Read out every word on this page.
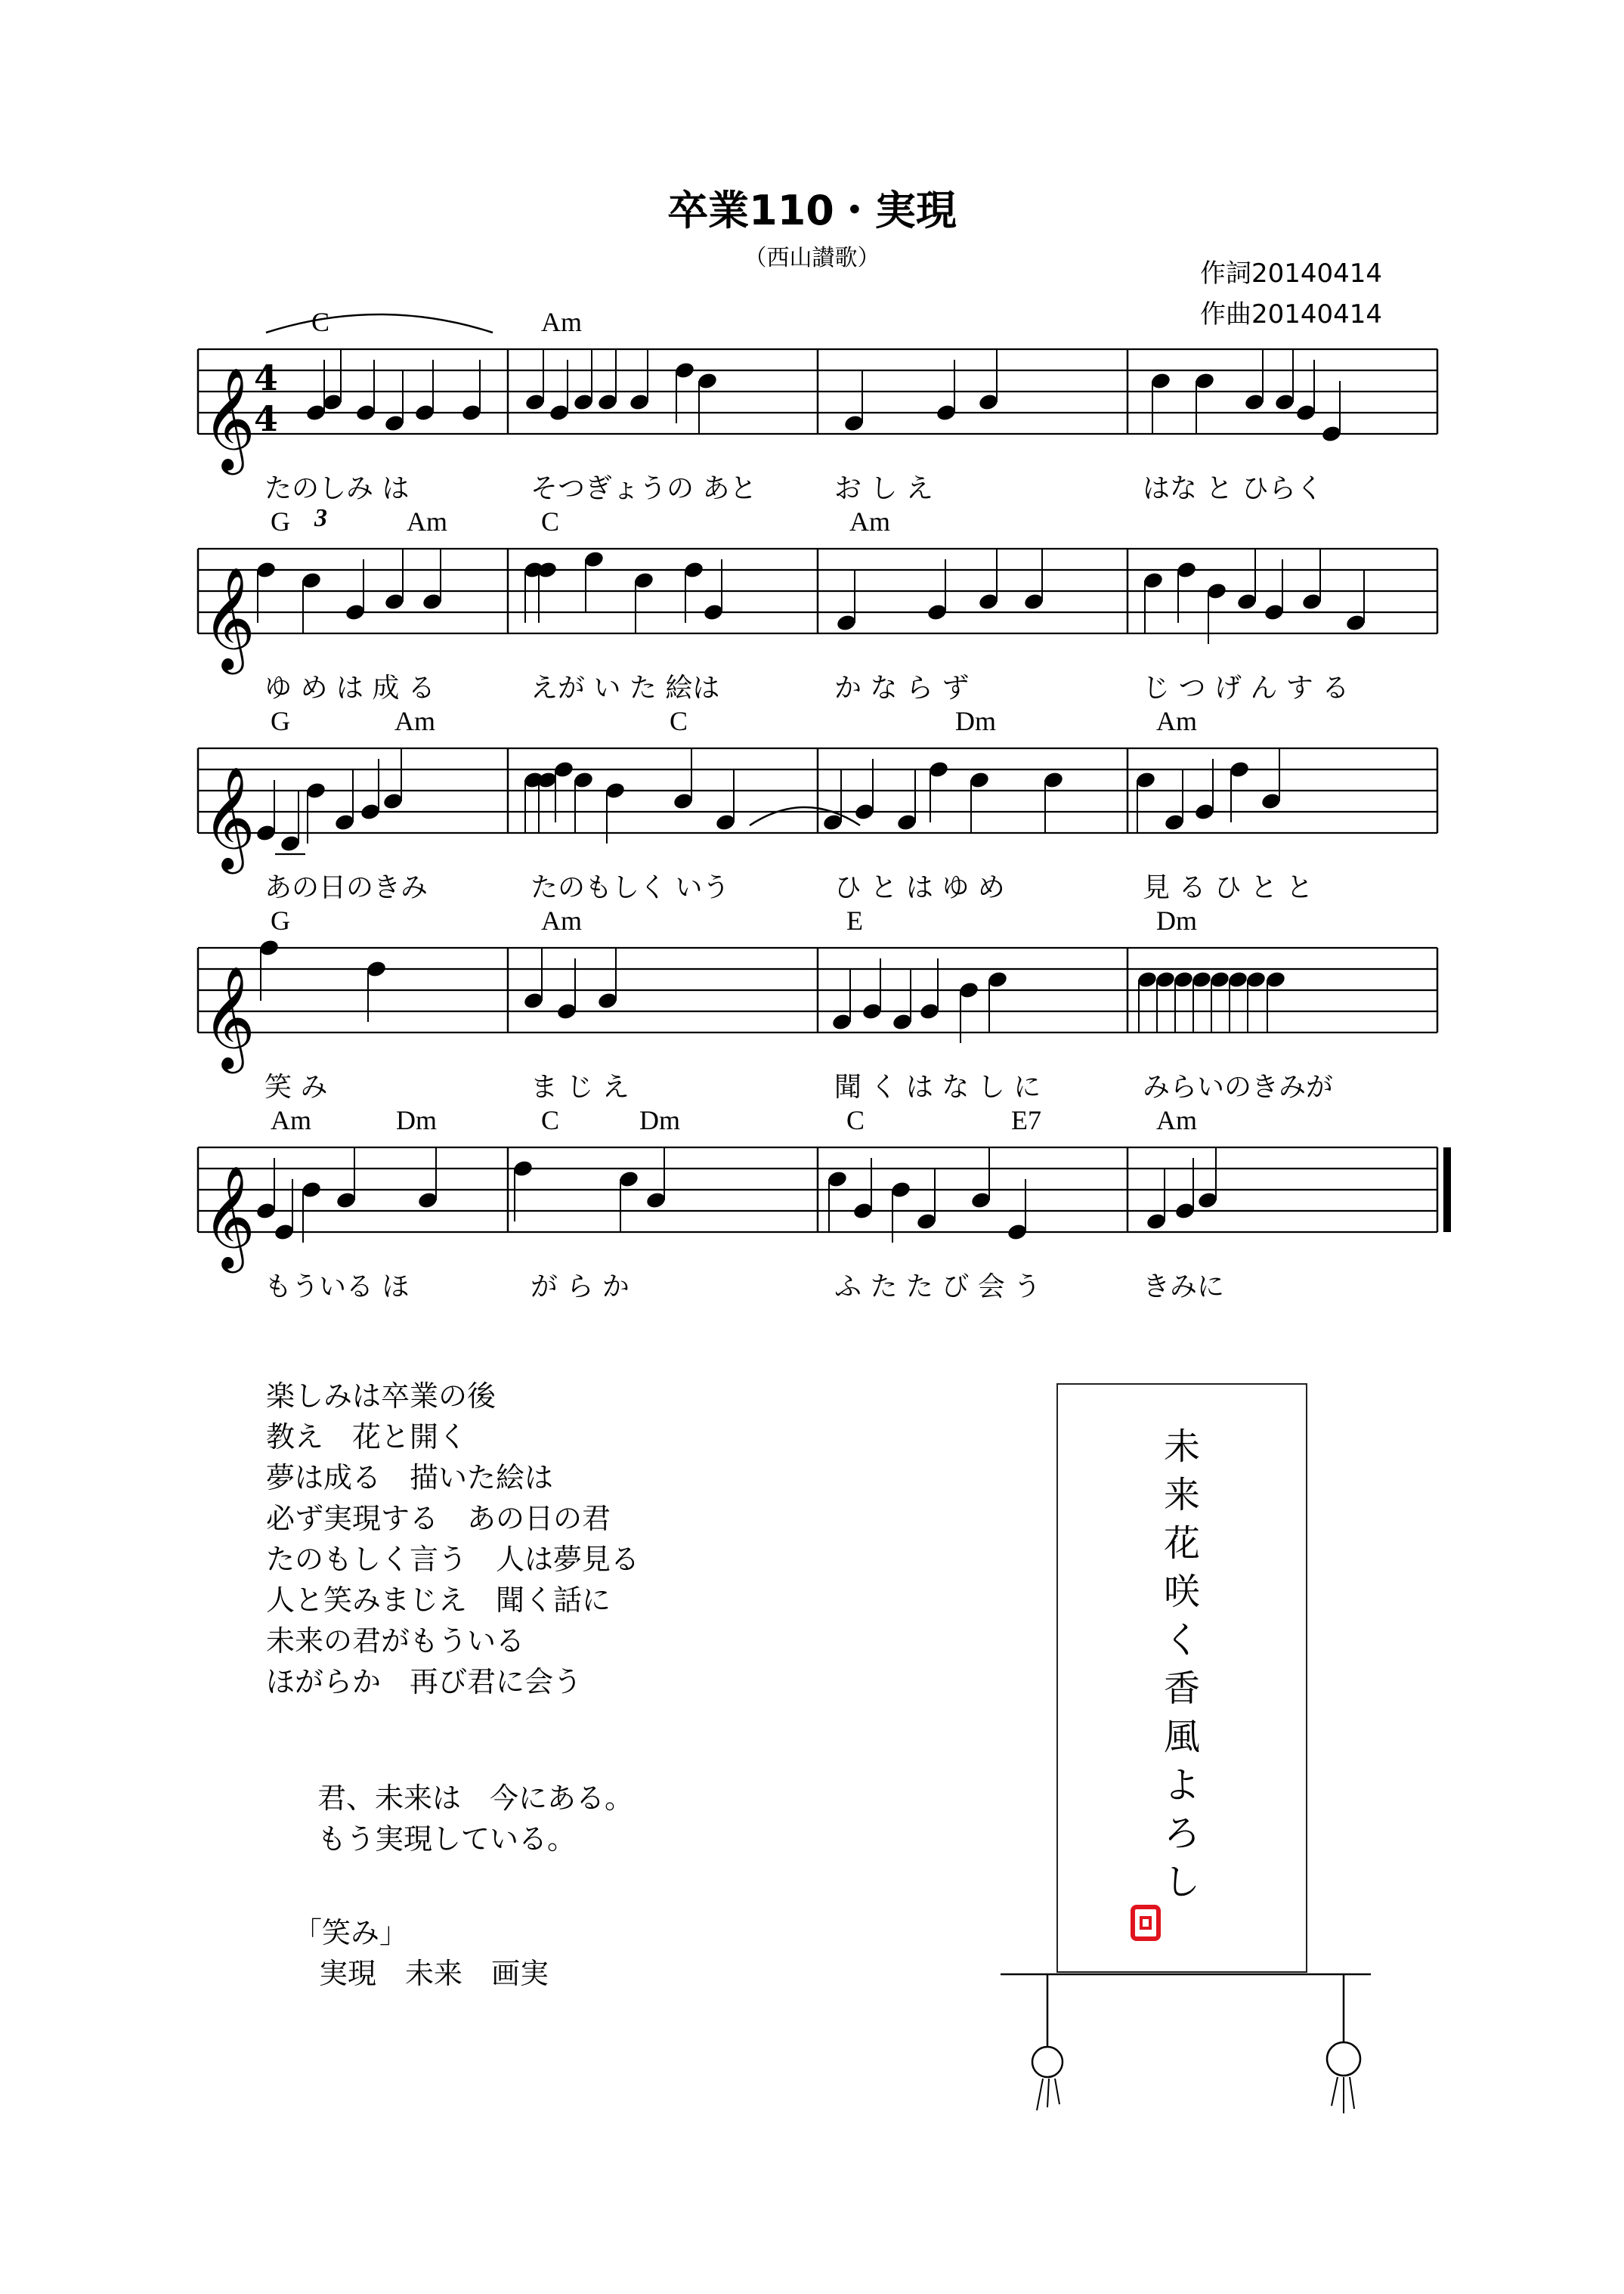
卒業110・実現
（西山讃歌）
作詞20140414
作曲20140414
𝄞
4
4
C	Am
たのしみ は	そつぎょうの あと	お し え	はな と ひらく
𝄞
G 3	Am	C	Am
ゆ め は 成 る	えが い た 絵は	か な ら ず	じ つ げ ん す る
𝄞
G	Am	C	Dm	Am
あの日のきみ	たのもしく いう	ひ と は ゆ め	見 る ひ と と
𝄞
G	Am	E	Dm
笑 み	ま じ え	聞 く は な し に	みらいのきみが
𝄞
Am	Dm	C	Dm	C	E7	Am
もういる ほ	が ら か	ふ た た び 会 う	きみに
楽しみは卒業の後
教え　花と開く
夢は成る　描いた絵は
必ず実現する　あの日の君
たのもしく言う　人は夢見る
人と笑みまじえ　聞く話に
未来の君がもういる
ほがらか　再び君に会う
君、未来は　今にある。
もう実現している。
「笑み」
実現　未来　画実
未
来
花
咲
く
香
風
よ
ろ
し
